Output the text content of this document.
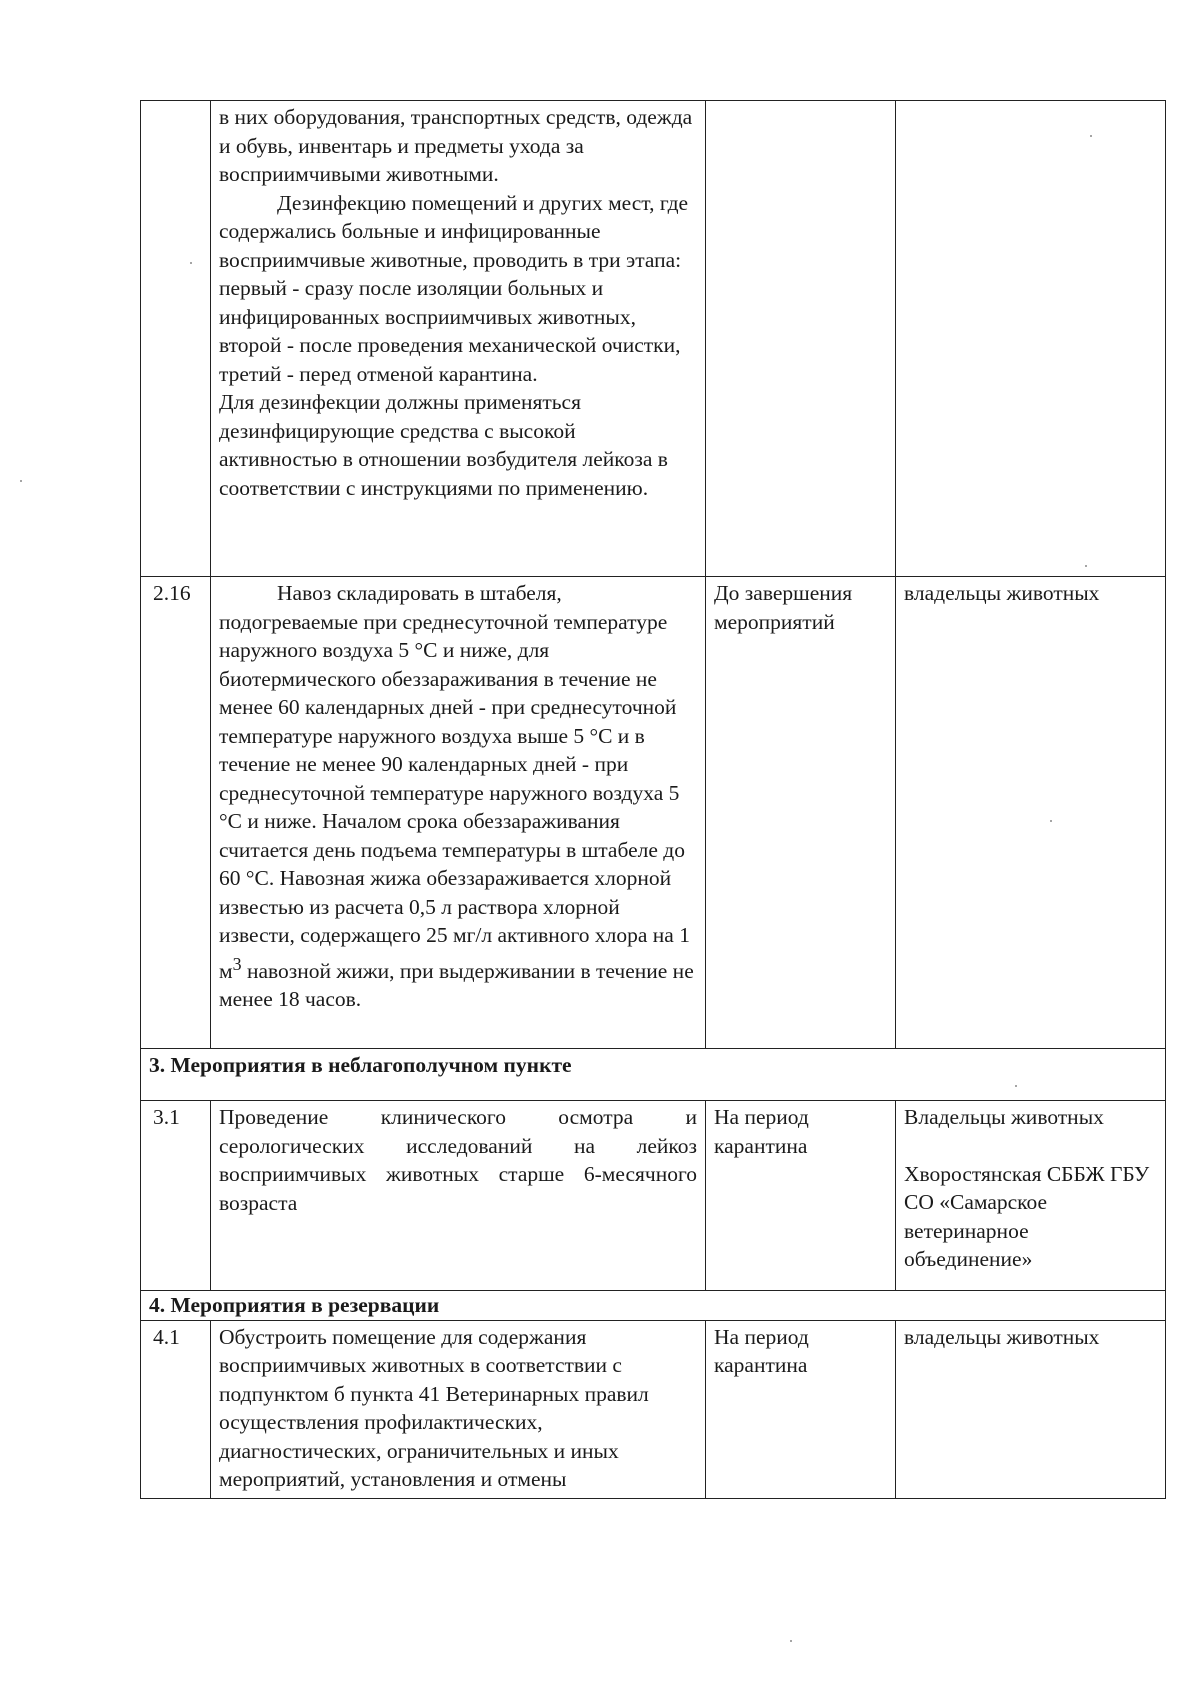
	в них оборудования, транспортных средств, одежда и обувь, инвентарь и предметы ухода за восприимчивыми животными.

Дезинфекцию помещений и других мест, где содержались больные и инфицированные восприимчивые животные, проводить в три этапа: первый - сразу после изоляции больных и инфицированных восприимчивых животных, второй - после проведения механической очистки, третий - перед отменой карантина.

Для дезинфекции должны применяться дезинфицирующие средства с высокой активностью в отношении возбудителя лейкоза в соответствии с инструкциями по применению.		

2.16	Навоз складировать в штабеля, подогреваемые при среднесуточной температуре наружного воздуха 5 °С и ниже, для биотермического обеззараживания в течение не менее 60 календарных дней - при среднесуточной температуре наружного воздуха выше 5 °С и в течение не менее 90 календарных дней - при среднесуточной температуре наружного воздуха 5 °С и ниже. Началом срока обеззараживания считается день подъема температуры в штабеле до 60 °С. Навозная жижа обеззараживается хлорной известью из расчета 0,5 л раствора хлорной извести, содержащего 25 мг/л активного хлора на 1 $м^3$ навозной жижи, при выдерживании в течение не менее 18 часов.	До завершения мероприятий	владельцы животных
3. Мероприятия в неблагополучном пункте			
3.1	Проведение клинического осмотра и серологических исследований на лейкоз восприимчивых животных старше 6-месячного возраста	На период карантина	Владельцы животных

Хворостянская СББЖ ГБУ СО «Самарское ветеринарное объединение»

4. Мероприятия в резервации			
4.1	Обустроить помещение для содержания восприимчивых животных в соответствии с подпунктом б пункта 41 Ветеринарных правил осуществления профилактических, диагностических, ограничительных и иных мероприятий, установления и отмены	На период карантина	владельцы животных
